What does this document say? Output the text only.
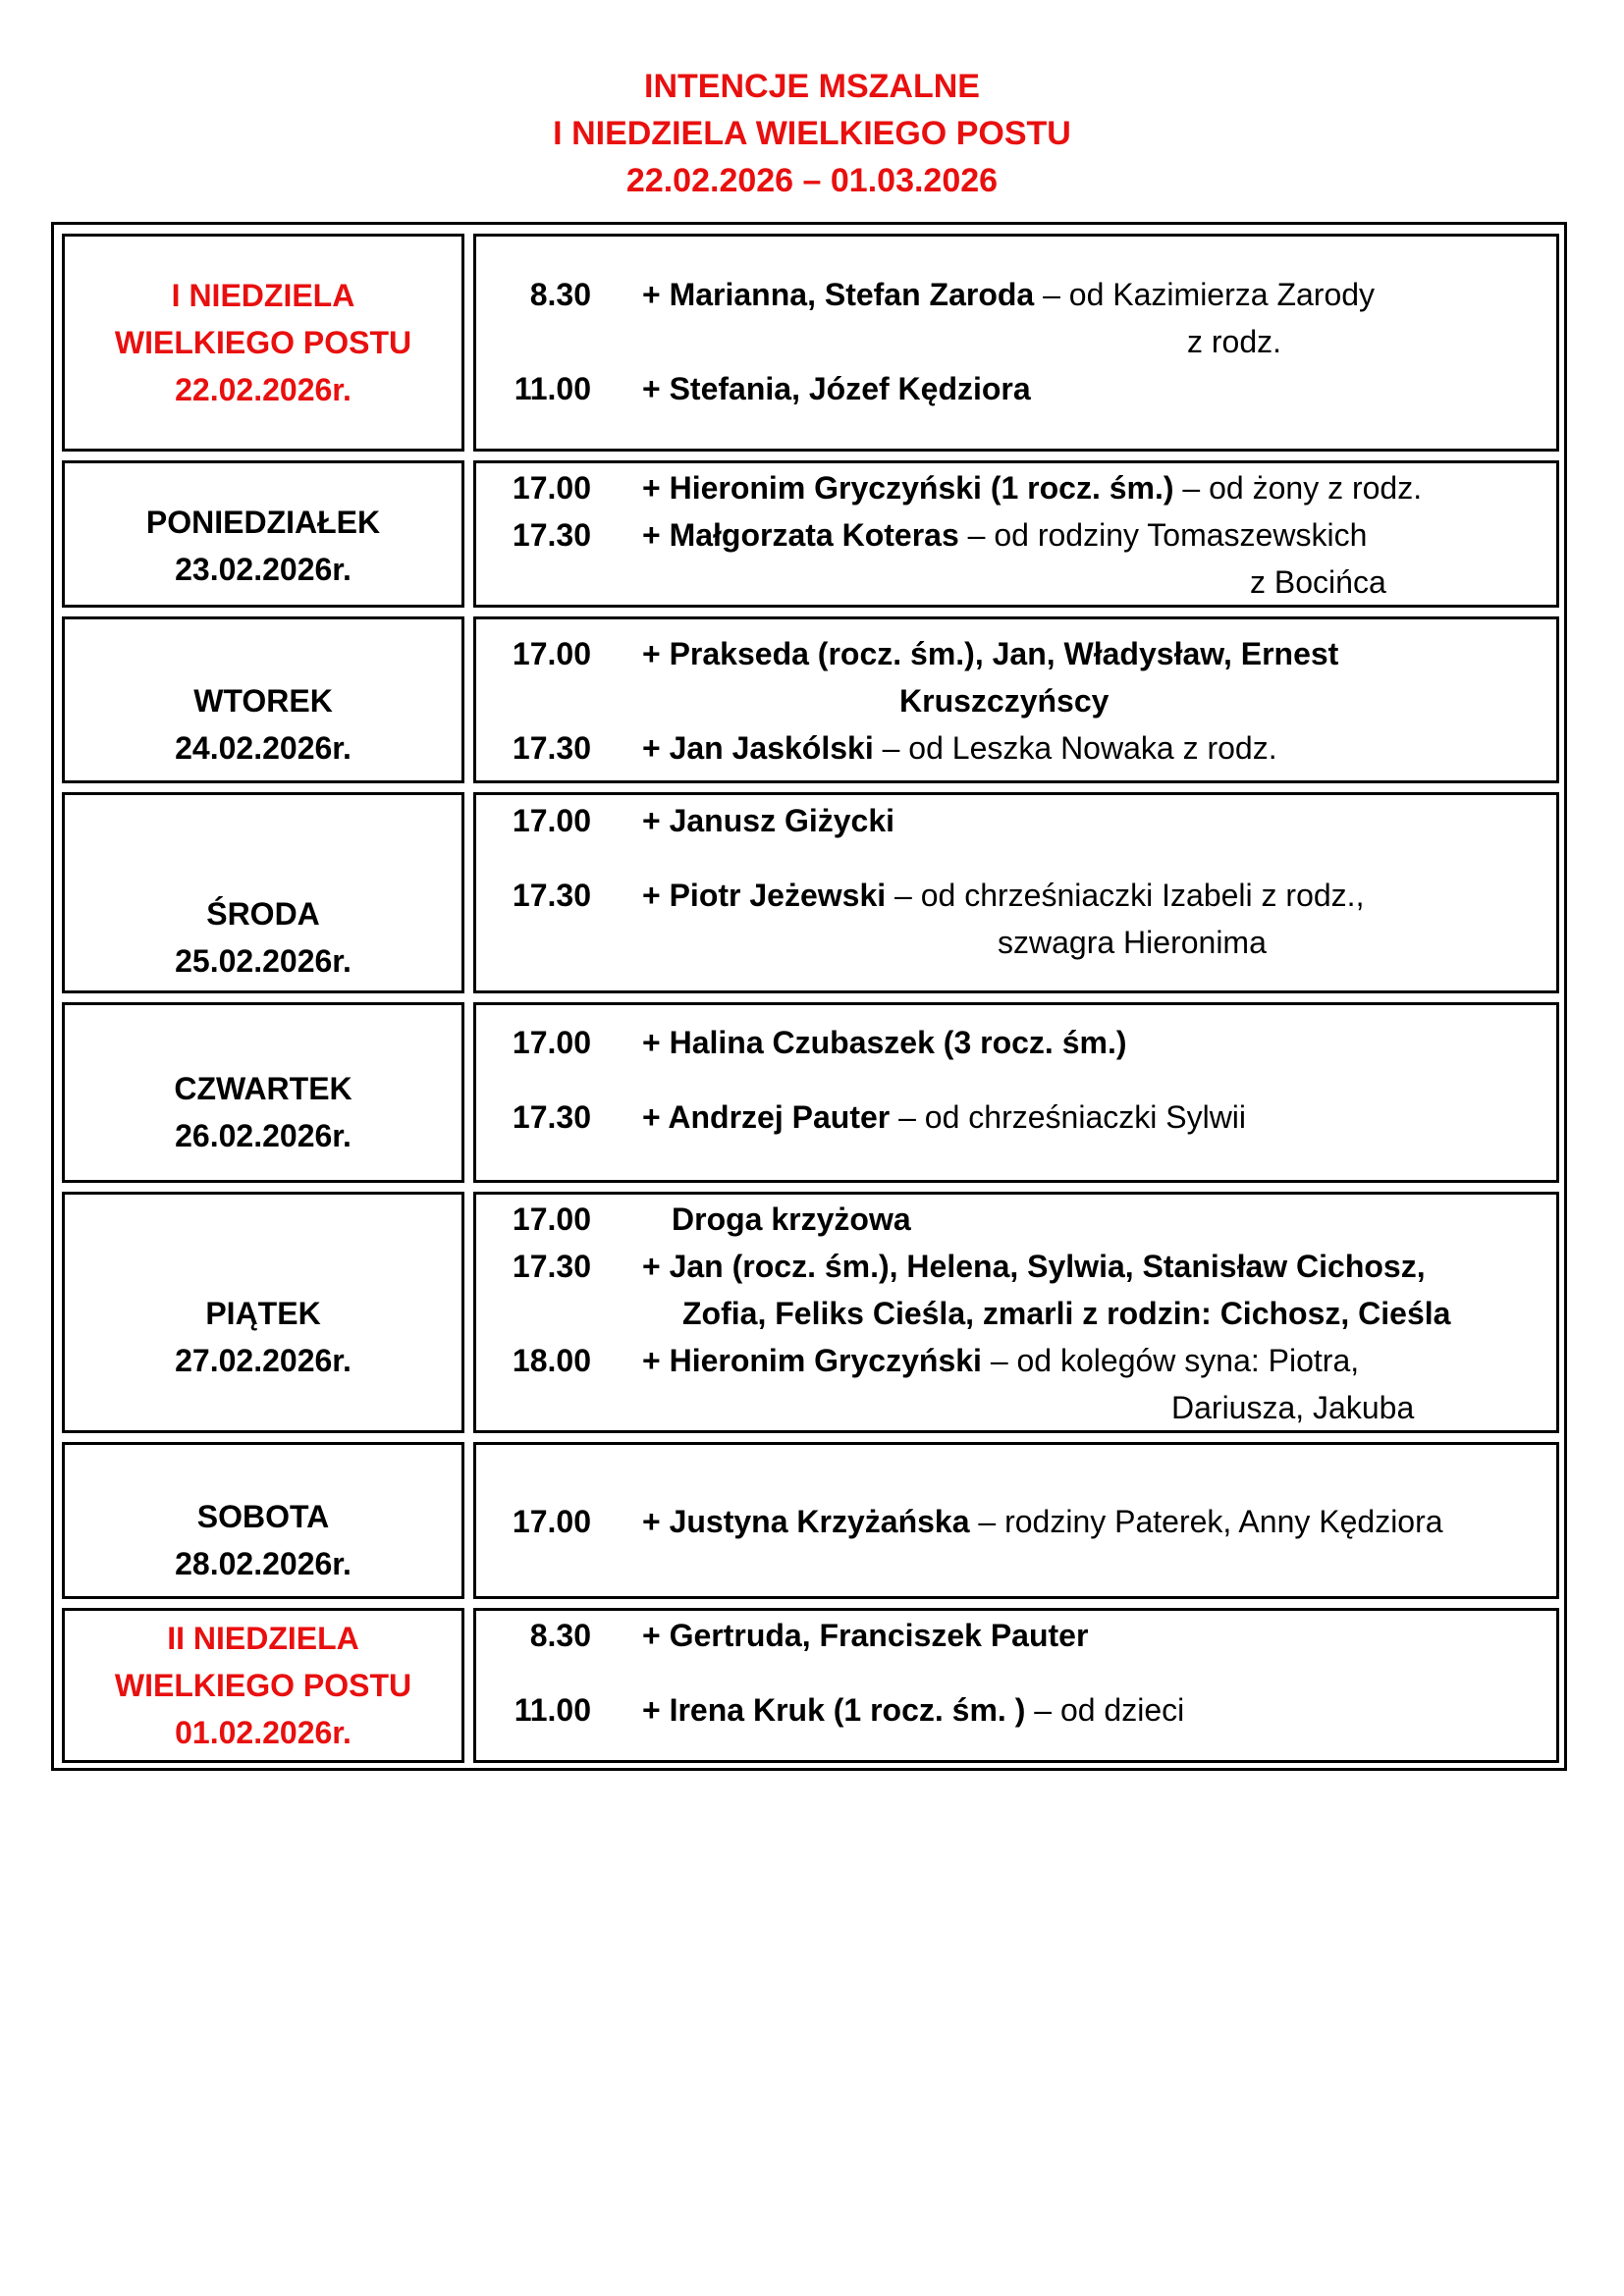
INTENCJE MSZALNE
I NIEDZIELA WIELKIEGO POSTU
22.02.2026 – 01.03.2026
I NIEDZIELA
WIELKIEGO POSTU
22.02.2026r.
8.30 + Marianna, Stefan Zaroda – od Kazimierza Zarody
z rodz.
11.00 + Stefania, Józef Kędziora
PONIEDZIAŁEK
23.02.2026r.
17.00 + Hieronim Gryczyński (1 rocz. śm.) – od żony z rodz.
17.30 + Małgorzata Koteras – od rodziny Tomaszewskich
z Bocińca
WTOREK
24.02.2026r.
17.00 + Prakseda (rocz. śm.), Jan, Władysław, Ernest
Kruszczyńscy
17.30 + Jan Jaskólski – od Leszka Nowaka z rodz.
ŚRODA
25.02.2026r.
17.00 + Janusz Giżycki
17.30 + Piotr Jeżewski – od chrześniaczki Izabeli z rodz.,
szwagra Hieronima
CZWARTEK
26.02.2026r.
17.00 + Halina Czubaszek (3 rocz. śm.)
17.30 + Andrzej Pauter – od chrześniaczki Sylwii
PIĄTEK
27.02.2026r.
17.00	Droga krzyżowa
17.30 + Jan (rocz. śm.), Helena, Sylwia, Stanisław Cichosz,
Zofia, Feliks Cieśla, zmarli z rodzin: Cichosz, Cieśla
18.00 + Hieronim Gryczyński – od kolegów syna: Piotra,
Dariusza, Jakuba
SOBOTA
28.02.2026r.
17.00 + Justyna Krzyżańska – rodziny Paterek, Anny Kędziora
II NIEDZIELA
WIELKIEGO POSTU
01.02.2026r.
8.30 + Gertruda, Franciszek Pauter
11.00 + Irena Kruk (1 rocz. śm. ) – od dzieci
